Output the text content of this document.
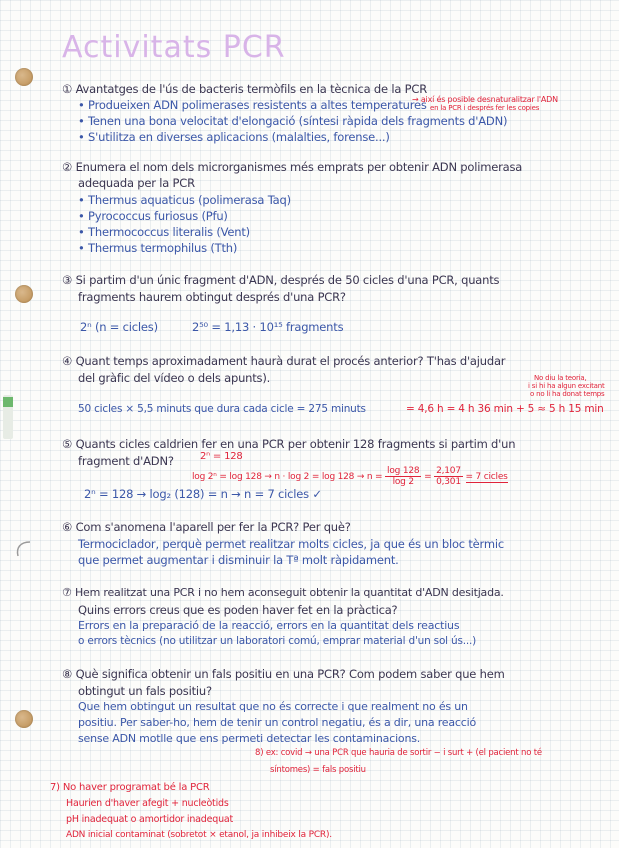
Activitats PCR
① Avantatges de l'ús de bacteris termòfils en la tècnica de la PCR
• Produeixen ADN polimerases resistents a altes temperatures
• Tenen una bona velocitat d'elongació (síntesi ràpida dels fragments d'ADN)
• S'utilitza en diverses aplicacions (malalties, forense...)
→ així és posible desnaturalitzar l'ADN
en la PCR i després fer les copies
② Enumera el nom dels microrganismes més emprats per obtenir ADN polimerasa
adequada per la PCR
• Thermus aquaticus (polimerasa Taq)
• Pyrococcus furiosus (Pfu)
• Thermococcus literalis (Vent)
• Thermus termophilus (Tth)
③ Si partim d'un únic fragment d'ADN, després de 50 cicles d'una PCR, quants
fragments haurem obtingut després d'una PCR?
2ⁿ (n = cicles)	2⁵⁰ = 1,13 · 10¹⁵ fragments
④ Quant temps aproximadament haurà durat el procés anterior? T'has d'ajudar
del gràfic del vídeo o dels apunts).	No diu la teoria,
i si hi ha algun excitant
o no li ha donat temps
50 cicles × 5,5 minuts que dura cada cicle = 275 minuts	= 4,6 h = 4 h 36 min + 5 ≈ 5 h 15 min
⑤ Quants cicles caldrien fer en una PCR per obtenir 128 fragments si partim d'un
fragment d'ADN?	2ⁿ = 128
$\log 2^n = \log 128 \to n \cdot \log 2 = \log 128 \to n = \frac{\log 128}{\log 2} = \frac{2,107}{0,301} = 7$ cicles
2ⁿ = 128 → log₂ (128) = n → n = 7 cicles ✓
⑥ Com s'anomena l'aparell per fer la PCR? Per què?
Termociclador, perquè permet realitzar molts cicles, ja que és un bloc tèrmic
que permet augmentar i disminuir la Tª molt ràpidament.
⑦ Hem realitzat una PCR i no hem aconseguit obtenir la quantitat d'ADN desitjada.
Quins errors creus que es poden haver fet en la pràctica?
Errors en la preparació de la reacció, errors en la quantitat dels reactius
o errors tècnics (no utilitzar un laboratori comú, emprar material d'un sol ús...)
⑧ Què significa obtenir un fals positiu en una PCR? Com podem saber que hem
obtingut un fals positiu?
Que hem obtingut un resultat que no és correcte i que realment no és un
positiu. Per saber-ho, hem de tenir un control negatiu, és a dir, una reacció
sense ADN motlle que ens permeti detectar les contaminacions.
8) ex: covid → una PCR que hauria de sortir − i surt + (el pacient no té
síntomes) = fals positiu
7) No haver programat bé la PCR
Haurien d'haver afegit + nucleòtids
pH inadequat o amortidor inadequat
ADN inicial contaminat (sobretot × etanol, ja inhibeix la PCR).
